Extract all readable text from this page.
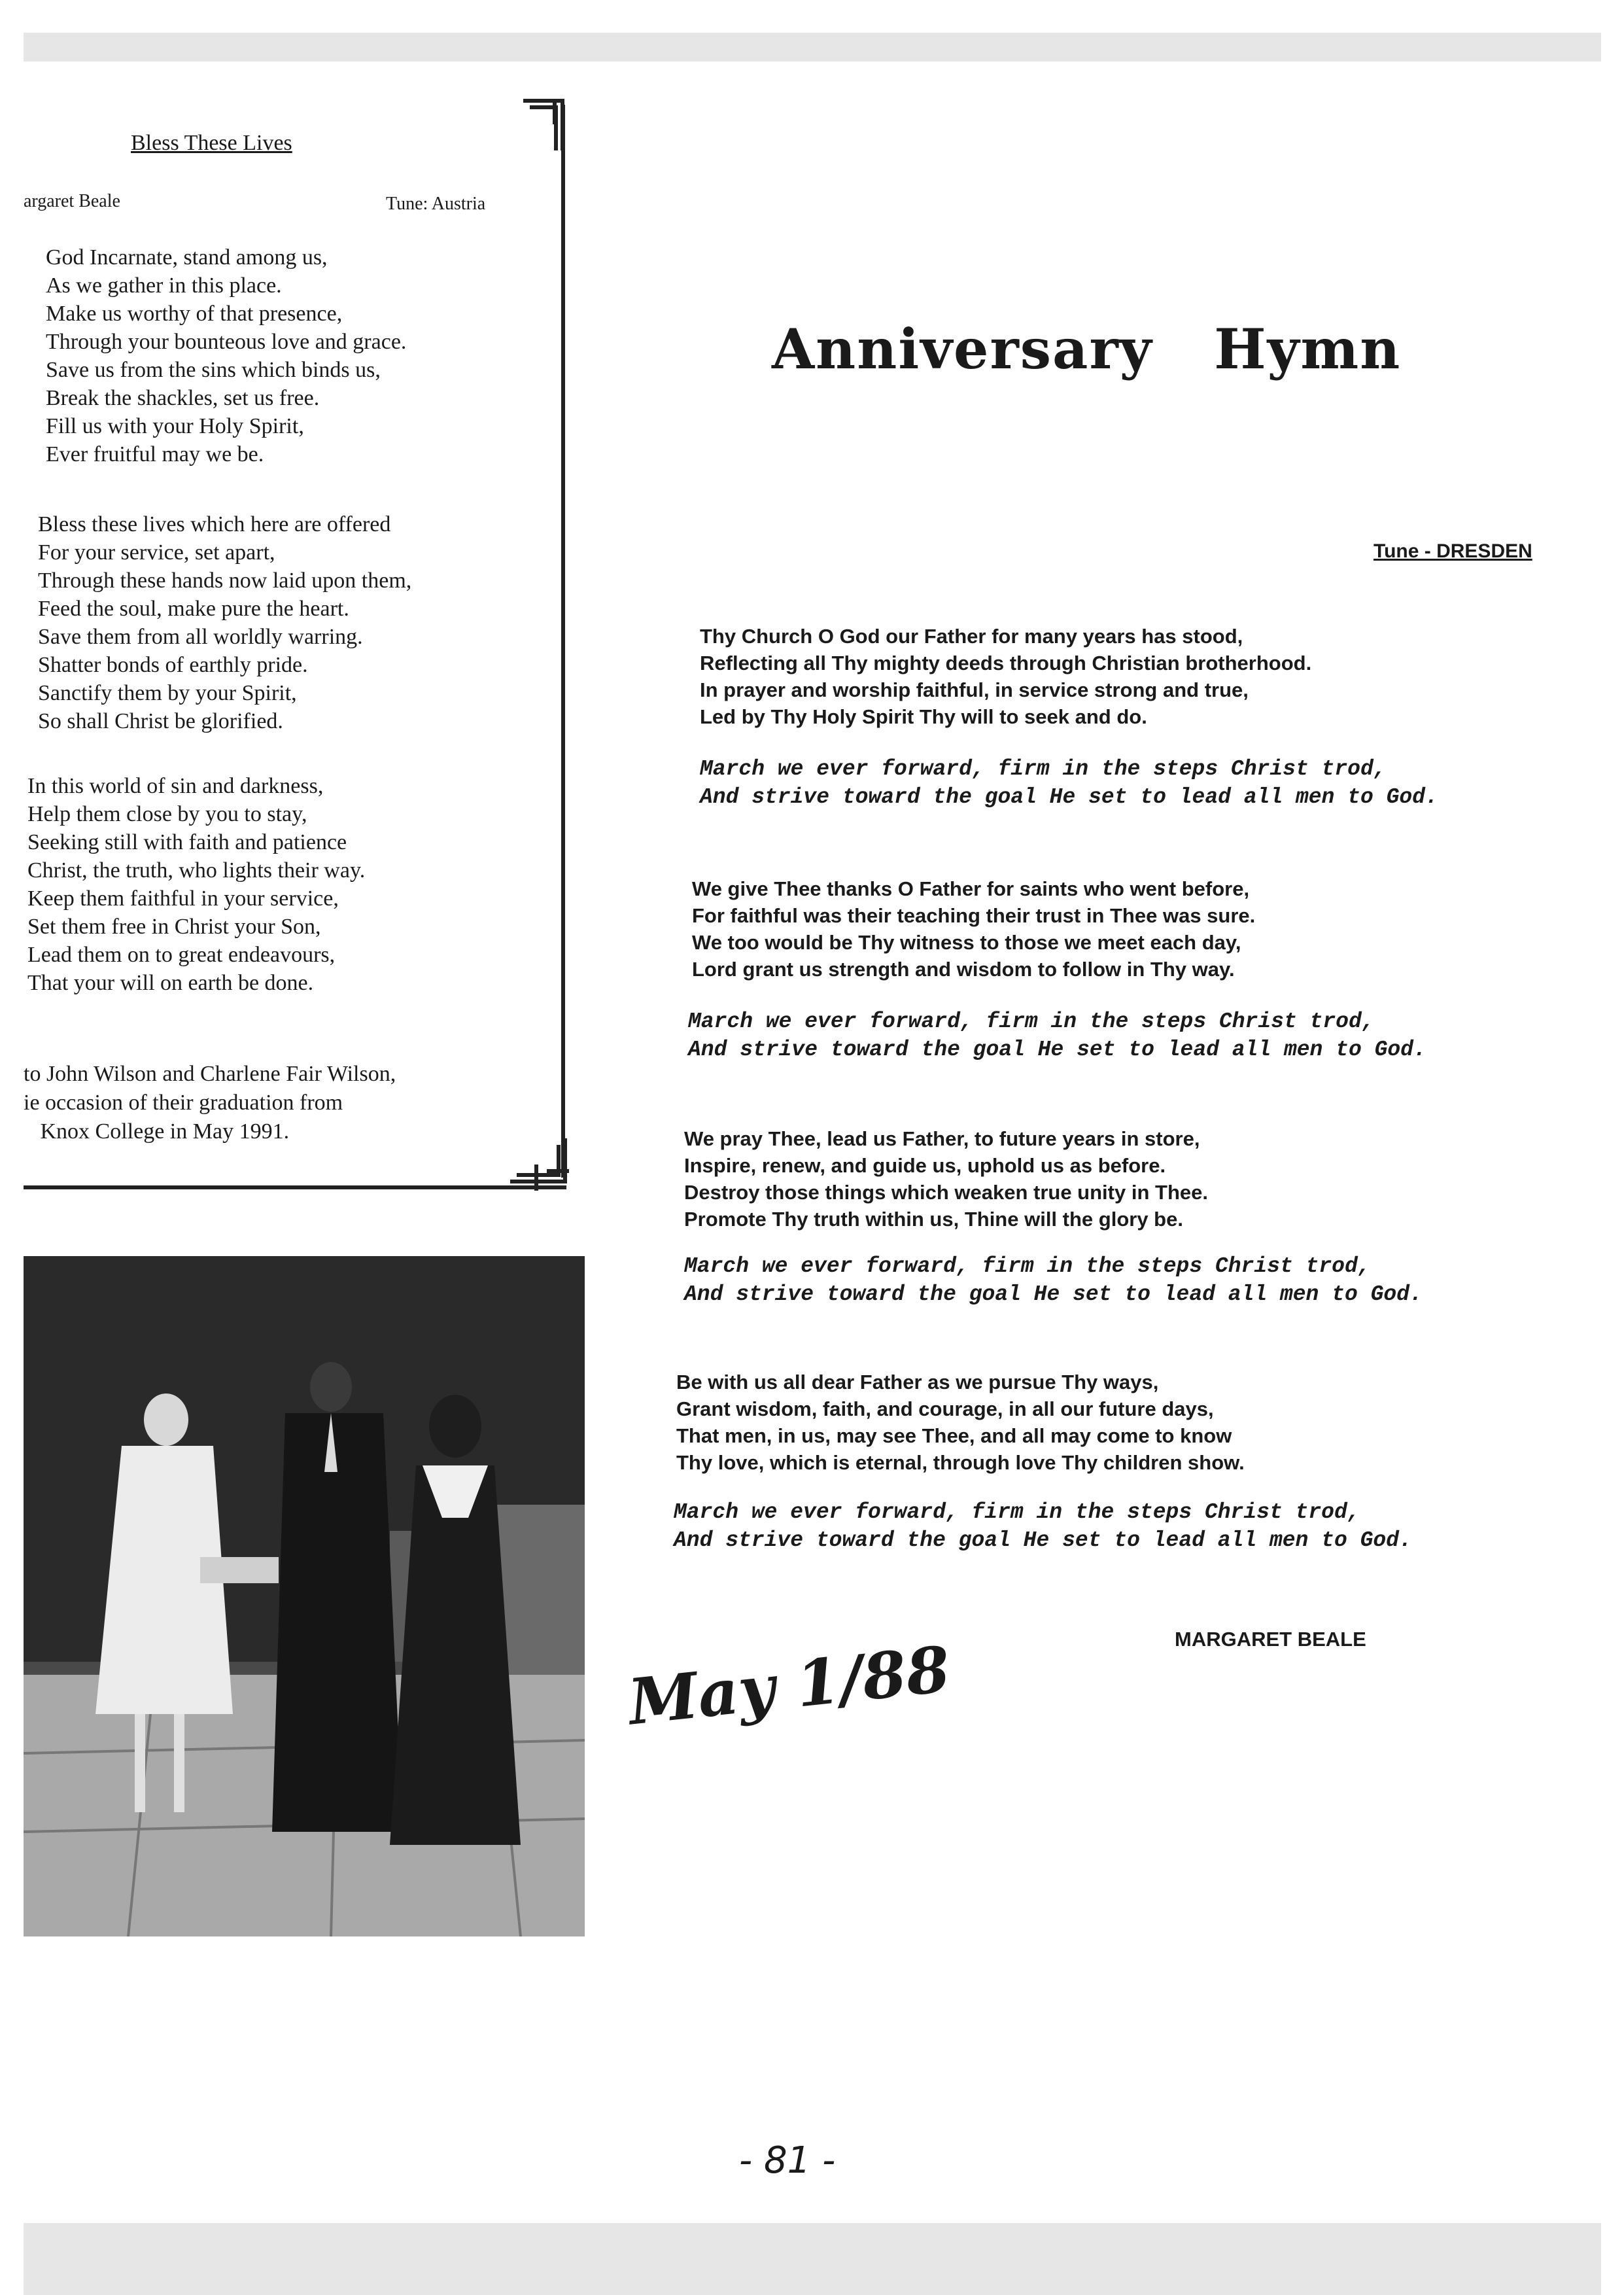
Bless These Lives
argaret Beale	Tune: Austria
God Incarnate, stand among us,
As we gather in this place.
Make us worthy of that presence,
Through your bounteous love and grace.
Save us from the sins which binds us,
Break the shackles, set us free.
Fill us with your Holy Spirit,
Ever fruitful may we be.
Bless these lives which here are offered
For your service, set apart,
Through these hands now laid upon them,
Feed the soul, make pure the heart.
Save them from all worldly warring.
Shatter bonds of earthly pride.
Sanctify them by your Spirit,
So shall Christ be glorified.
In this world of sin and darkness,
Help them close by you to stay,
Seeking still with faith and patience
Christ, the truth, who lights their way.
Keep them faithful in your service,
Set them free in Christ your Son,
Lead them on to great endeavours,
That your will on earth be done.
to John Wilson and Charlene Fair Wilson,
ie occasion of their graduation from
Knox College in May 1991.
Anniversary   Hymn
Tune - DRESDEN
Thy Church O God our Father for many years has stood,
Reflecting all Thy mighty deeds through Christian brotherhood.
In prayer and worship faithful, in service strong and true,
Led by Thy Holy Spirit Thy will to seek and do.
March we ever forward, firm in the steps Christ trod,
And strive toward the goal He set to lead all men to God.
We give Thee thanks O Father for saints who went before,
For faithful was their teaching their trust in Thee was sure.
We too would be Thy witness to those we meet each day,
Lord grant us strength and wisdom to follow in Thy way.
March we ever forward, firm in the steps Christ trod,
And strive toward the goal He set to lead all men to God.
We pray Thee, lead us Father, to future years in store,
Inspire, renew, and guide us, uphold us as before.
Destroy those things which weaken true unity in Thee.
Promote Thy truth within us, Thine will the glory be.
March we ever forward, firm in the steps Christ trod,
And strive toward the goal He set to lead all men to God.
Be with us all dear Father as we pursue Thy ways,
Grant wisdom, faith, and courage, in all our future days,
That men, in us, may see Thee, and all may come to know
Thy love, which is eternal, through love Thy children show.
March we ever forward, firm in the steps Christ trod,
And strive toward the goal He set to lead all men to God.
MARGARET BEALE
May 1/88
- 81 -
